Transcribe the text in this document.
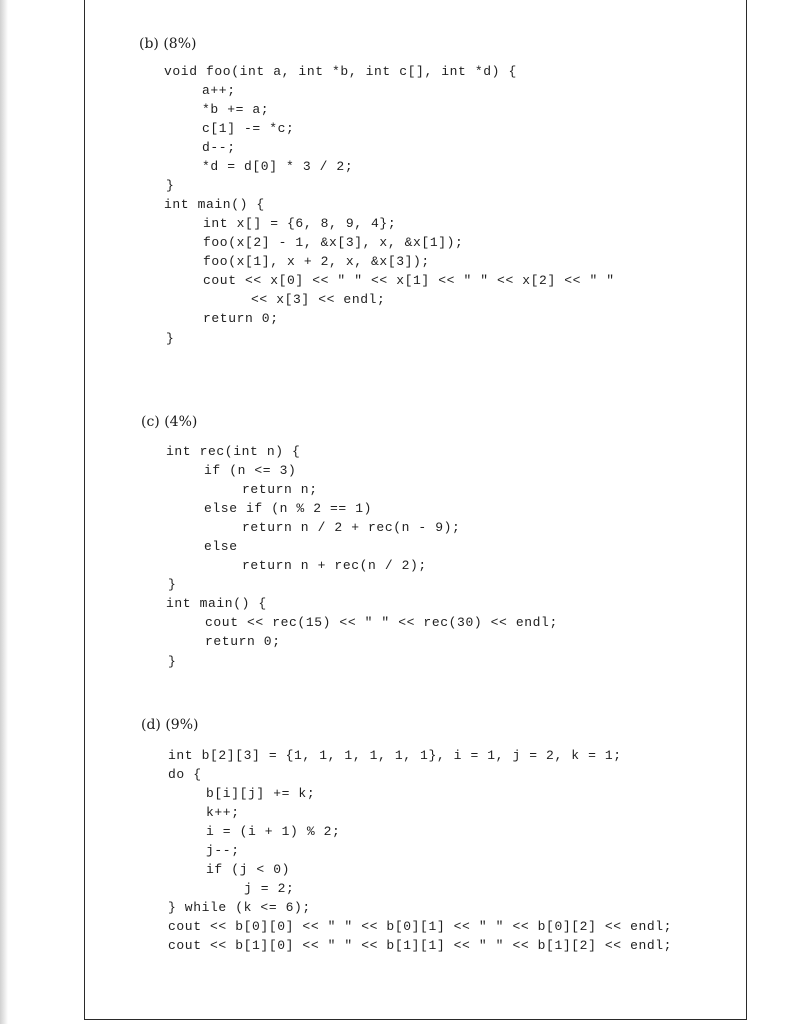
(b) (8%)
void foo(int a, int *b, int c[], int *d) {
a++;
*b += a;
c[1] -= *c;
d--;
*d = d[0] * 3 / 2;
}
int main() {
int x[] = {6, 8, 9, 4};
foo(x[2] - 1, &x[3], x, &x[1]);
foo(x[1], x + 2, x, &x[3]);
cout << x[0] << " " << x[1] << " " << x[2] << " "
<< x[3] << endl;
return 0;
}
(c) (4%)
int rec(int n) {
if (n <= 3)
return n;
else if (n % 2 == 1)
return n / 2 + rec(n - 9);
else
return n + rec(n / 2);
}
int main() {
cout << rec(15) << " " << rec(30) << endl;
return 0;
}
(d) (9%)
int b[2][3] = {1, 1, 1, 1, 1, 1}, i = 1, j = 2, k = 1;
do {
b[i][j] += k;
k++;
i = (i + 1) % 2;
j--;
if (j < 0)
j = 2;
} while (k <= 6);
cout << b[0][0] << " " << b[0][1] << " " << b[0][2] << endl;
cout << b[1][0] << " " << b[1][1] << " " << b[1][2] << endl;
